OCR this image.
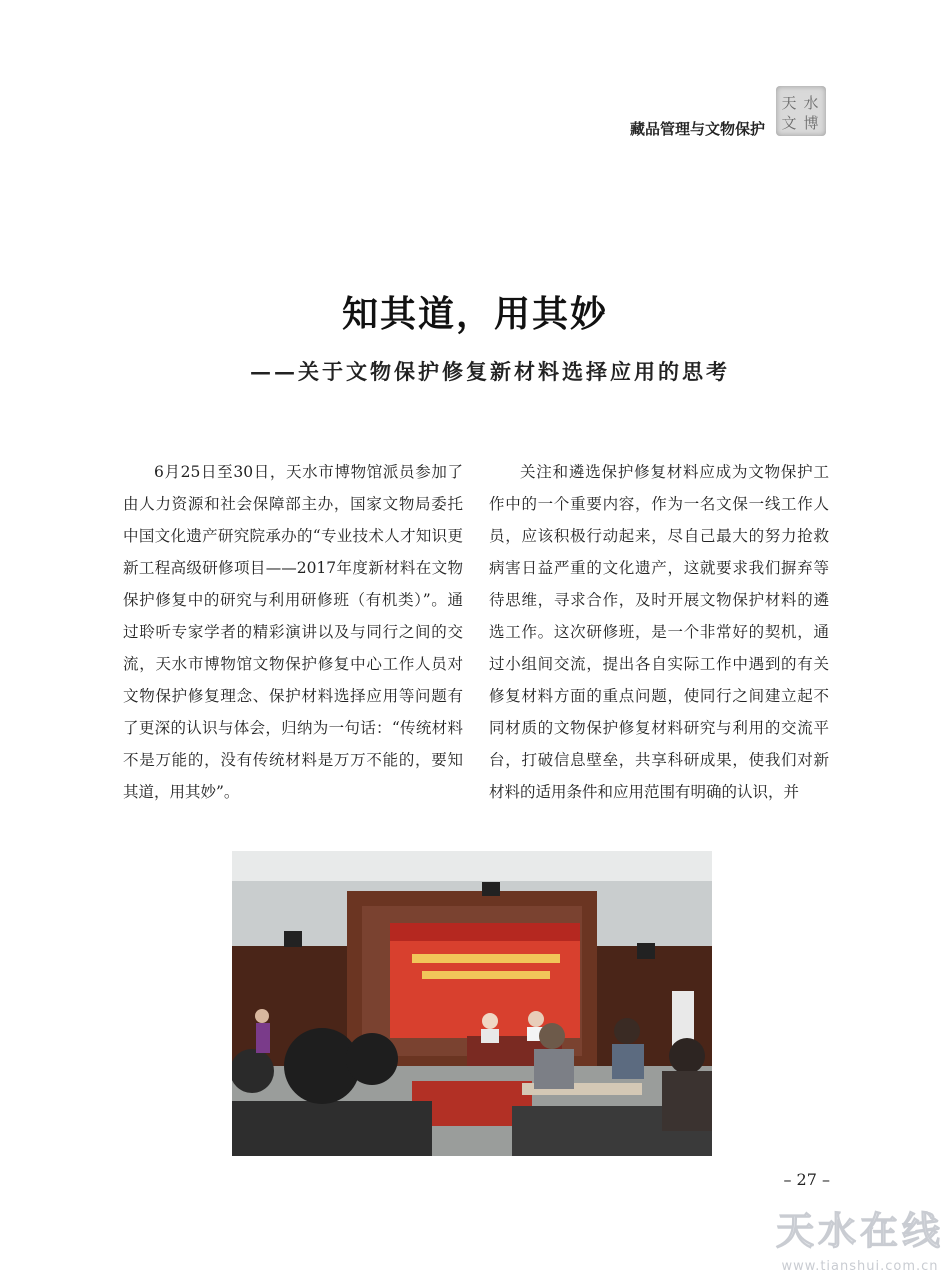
藏品管理与文物保护
天 水
文 博
知其道，用其妙
——关于文物保护修复新材料选择应用的思考

6月25日至30日，天水市博物馆派员参加了由人力资源和社会保障部主办，国家文物局委托中国文化遗产研究院承办的“专业技术人才知识更新工程高级研修项目——2017年度新材料在文物保护修复中的研究与利用研修班（有机类）”。通过聆听专家学者的精彩演讲以及与同行之间的交流，天水市博物馆文物保护修复中心工作人员对文物保护修复理念、保护材料选择应用等问题有了更深的认识与体会，归纳为一句话：“传统材料不是万能的，没有传统材料是万万不能的，要知其道，用其妙”。

关注和遴选保护修复材料应成为文物保护工作中的一个重要内容，作为一名文保一线工作人员，应该积极行动起来，尽自己最大的努力抢救病害日益严重的文化遗产，这就要求我们摒弃等待思维，寻求合作，及时开展文物保护材料的遴选工作。这次研修班，是一个非常好的契机，通过小组间交流，提出各自实际工作中遇到的有关修复材料方面的重点问题，使同行之间建立起不同材质的文物保护修复材料研究与利用的交流平台，打破信息壁垒，共享科研成果，使我们对新材料的适用条件和应用范围有明确的认识，并

– 27 –
天水在线
www.tianshui.com.cn
